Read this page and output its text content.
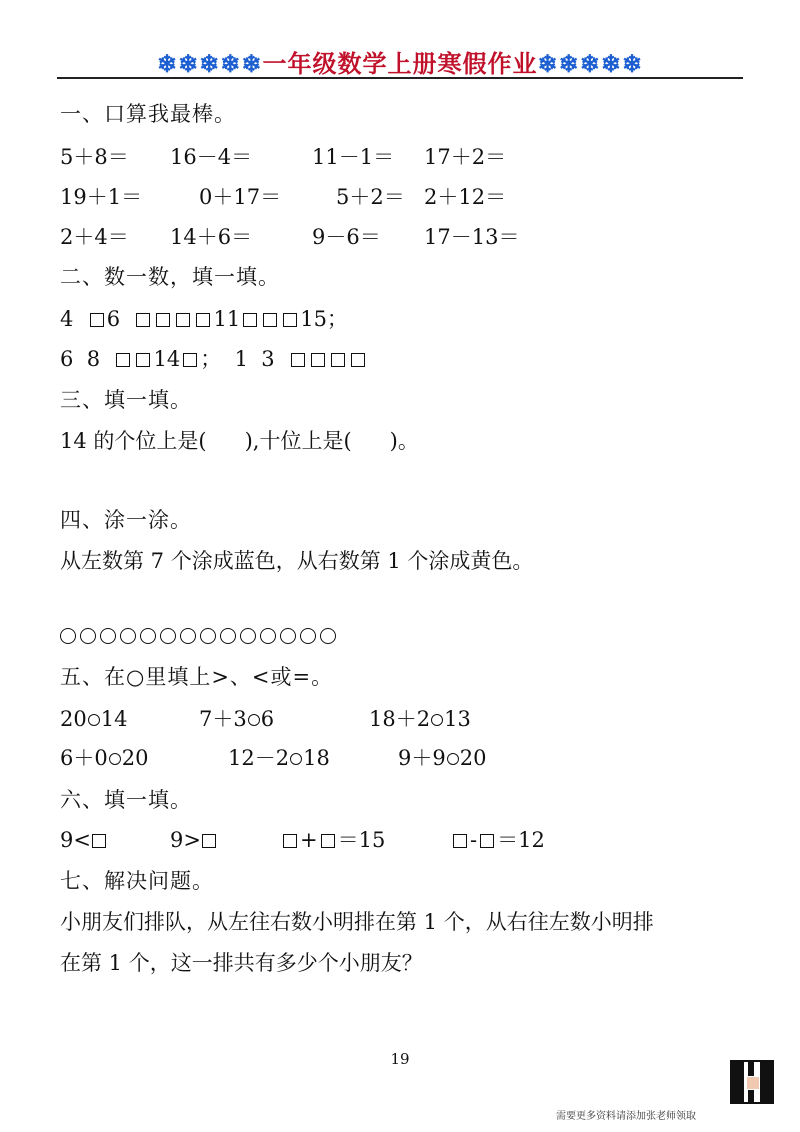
❄❄❄❄❄一年级数学上册寒假作业❄❄❄❄❄
一、口算我最棒。
5＋8＝ 16－4＝	11－1＝ 17＋2＝
19＋1＝	0＋17＝	5＋2＝ 2＋12＝
2＋4＝ 14＋6＝	9－6＝ 17－13＝
二、数一数，填一填。
4 6	11	15；
6 8	14 ； 1 3
三、填一填。
14 的个位上是( ),十位上是( )。
四、涂一涂。
从左数第 7 个涂成蓝色，从右数第 1 个涂成黄色。
五、在○里填上>、<或=。
20 14	7＋3 6	18＋2 13
6＋0 20	12－2 18	9＋9 20
六、填一填。
9<	9>	+ ＝15	- ＝12
七、解决问题。
小朋友们排队，从左往右数小明排在第 1 个，从右往左数小明排
在第 1 个，这一排共有多少个小朋友？
19
需要更多资料请添加张老师领取
